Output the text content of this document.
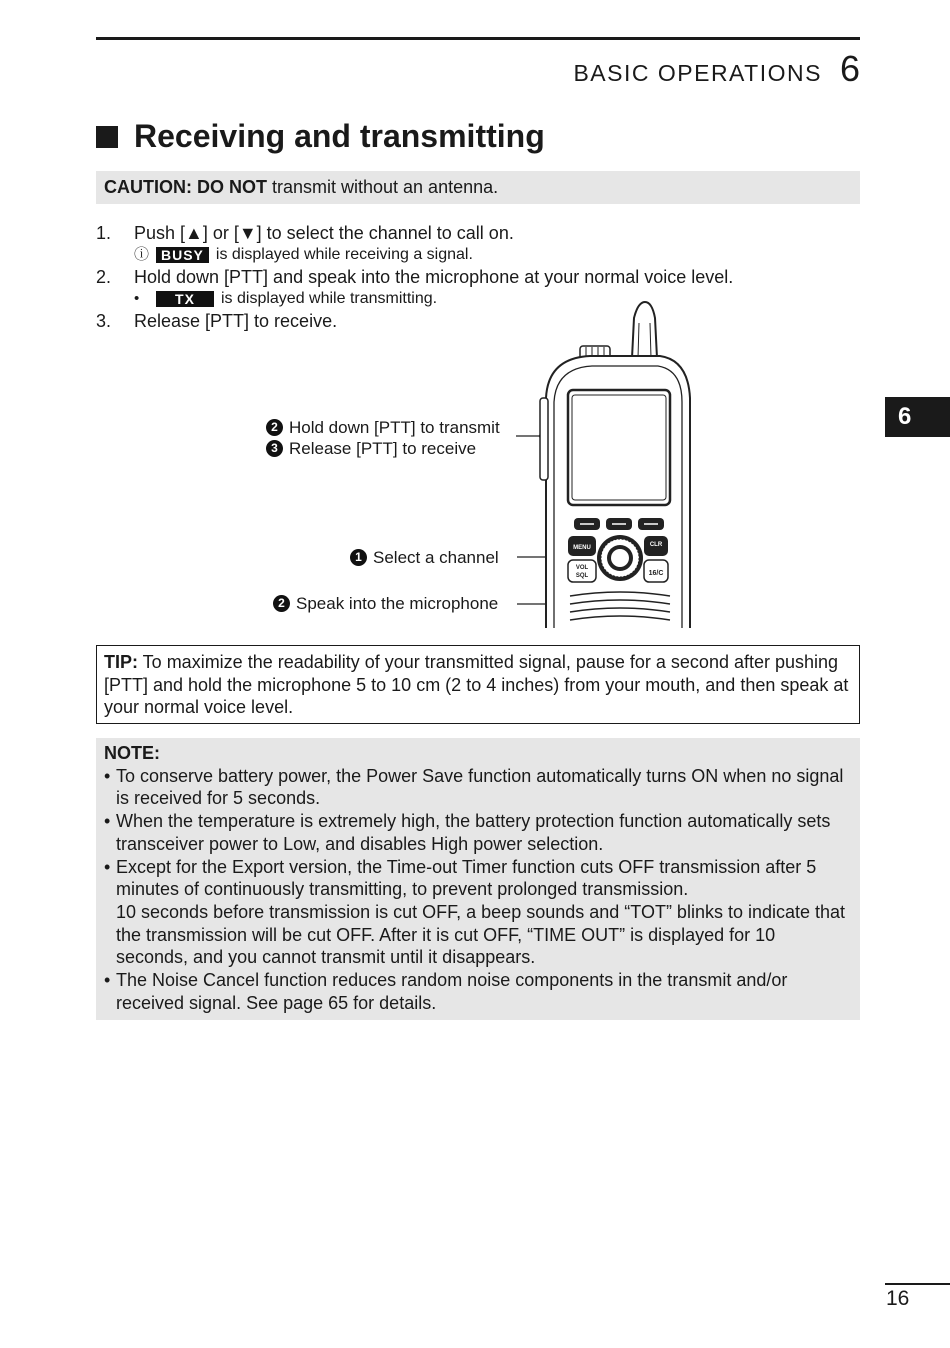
BASIC OPERATIONS 6
Receiving and transmitting
CAUTION: DO NOT transmit without an antenna.
1. Push [▲] or [▼] to select the channel to call on.
ⓘ BUSY is displayed while receiving a signal.
2. Hold down [PTT] and speak into the microphone at your normal voice level.
•	TX	is displayed while transmitting.
3. Release [PTT] to receive.
2 Hold down [PTT] to transmit
3 Release [PTT] to receive
1 Select a channel
2 Speak into the microphone
MENU	CLR
VOL
SQL	16/C
TIP: To maximize the readability of your transmitted signal, pause for a second after pushing [PTT] and hold the microphone 5 to 10 cm (2 to 4 inches) from your mouth, and then speak at your normal voice level.
NOTE:
• To conserve battery power, the Power Save function automatically turns ON when no signal is received for 5 seconds.
• When the temperature is extremely high, the battery protection function automatically sets transceiver power to Low, and disables High power selection.
• Except for the Export version, the Time-out Timer function cuts OFF transmission after 5 minutes of continuously transmitting, to prevent prolonged transmission.
10 seconds before transmission is cut OFF, a beep sounds and “TOT” blinks to indicate that the transmission will be cut OFF. After it is cut OFF, “TIME OUT” is displayed for 10 seconds, and you cannot transmit until it disappears.
• The Noise Cancel function reduces random noise components in the transmit and/or received signal. See page 65 for details.
6
16
